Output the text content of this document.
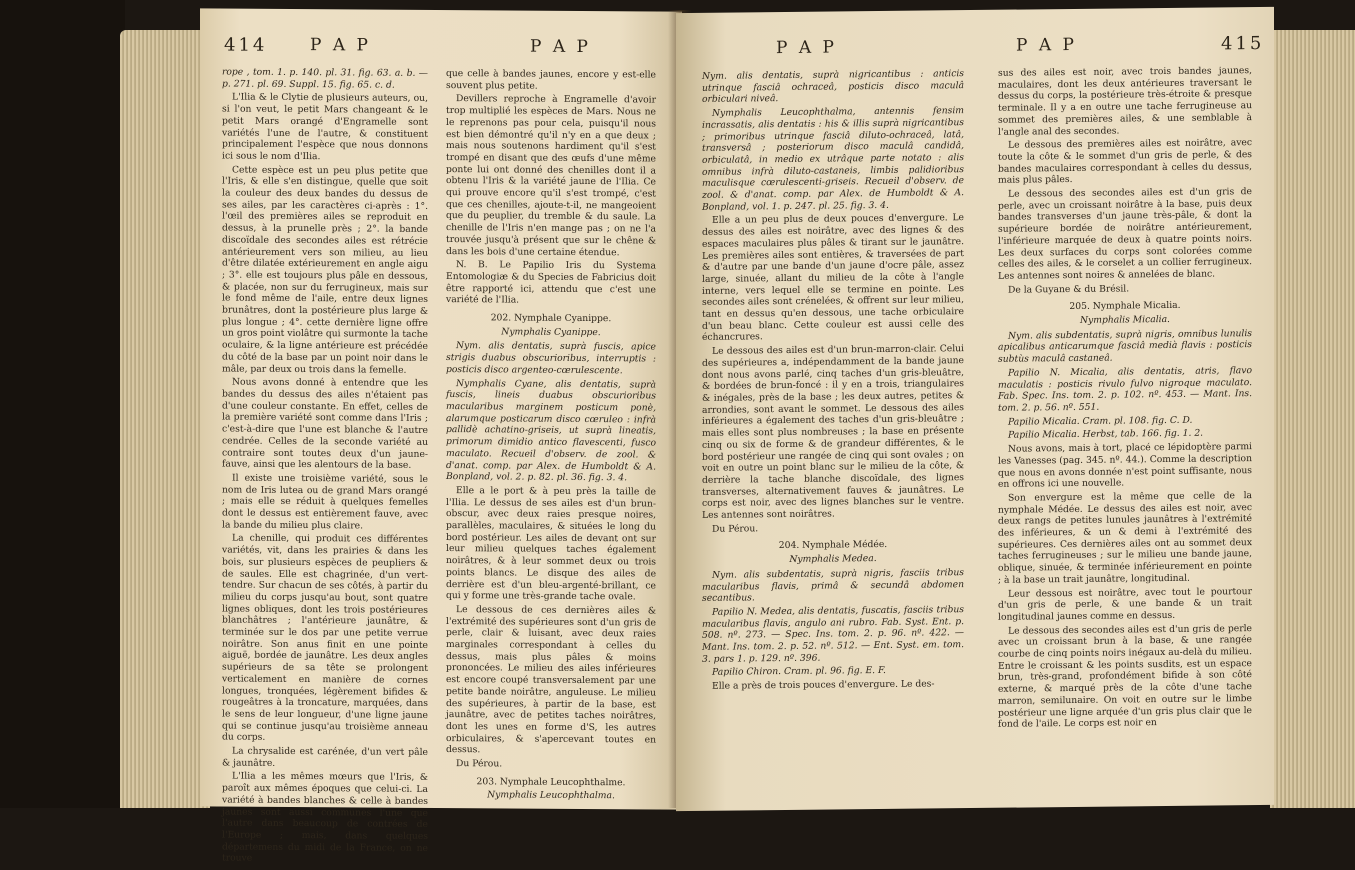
414	P A P	P A P

rope , tom. 1. p. 140. pl. 31. fig. 63. a. b. — p. 271. pl. 69. Suppl. 15. fig. 65. c. d.

L'Ilia & le Clytie de plusieurs auteurs, ou, si l'on veut, le petit Mars changeant & le petit Mars orangé d'Engramelle sont variétés l'une de l'autre, & constituent principalement l'espèce que nous donnons ici sous le nom d'Ilia.

Cette espèce est un peu plus petite que l'Iris, & elle s'en distingue, quelle que soit la couleur des deux bandes du dessus de ses ailes, par les caractères ci-après : 1°. l'œil des premières ailes se reproduit en dessus, à la prunelle près ; 2°. la bande discoïdale des secondes ailes est rétrécie antérieurement vers son milieu, au lieu d'être dilatée extérieurement en angle aigu ; 3°. elle est toujours plus pâle en dessous, & placée, non sur du ferrugineux, mais sur le fond même de l'aile, entre deux lignes brunâtres, dont la postérieure plus large & plus longue ; 4°. cette dernière ligne offre un gros point violâtre qui surmonte la tache oculaire, & la ligne antérieure est précédée du côté de la base par un point noir dans le mâle, par deux ou trois dans la femelle.

Nous avons donné à entendre que les bandes du dessus des ailes n'étaient pas d'une couleur constante. En effet, celles de la première variété sont comme dans l'Iris ; c'est-à-dire que l'une est blanche & l'autre cendrée. Celles de la seconde variété au contraire sont toutes deux d'un jaune-fauve, ainsi que les alentours de la base.

Il existe une troisième variété, sous le nom de Iris lutea ou de grand Mars orangé ; mais elle se réduit à quelques femelles dont le dessus est entièrement fauve, avec la bande du milieu plus claire.

La chenille, qui produit ces différentes variétés, vit, dans les prairies & dans les bois, sur plusieurs espèces de peupliers & de saules. Elle est chagrinée, d'un vert-tendre. Sur chacun de ses côtés, à partir du milieu du corps jusqu'au bout, sont quatre lignes obliques, dont les trois postérieures blanchâtres ; l'antérieure jaunâtre, & terminée sur le dos par une petite verrue noirâtre. Son anus finit en une pointe aiguë, bordée de jaunâtre. Les deux angles supérieurs de sa tête se prolongent verticalement en manière de cornes longues, tronquées, légèrement bifides & rougeâtres à la troncature, marquées, dans le sens de leur longueur, d'une ligne jaune qui se continue jusqu'au troisième anneau du corps.

La chrysalide est carénée, d'un vert pâle & jaunâtre.

L'Ilia a les mêmes mœurs que l'Iris, & paroît aux mêmes époques que celui-ci. La variété à bandes blanches & celle à bandes jaunes sont aussi communes l'une que l'autre dans beaucoup de contrées de l'Europe ; mais, dans quelques départemens du midi de la France, on ne trouve

que celle à bandes jaunes, encore y est-elle souvent plus petite.

Devillers reproche à Engramelle d'avoir trop multiplié les espèces de Mars. Nous ne le reprenons pas pour cela, puisqu'il nous est bien démontré qu'il n'y en a que deux ; mais nous soutenons hardiment qu'il s'est trompé en disant que des œufs d'une même ponte lui ont donné des chenilles dont il a obtenu l'Iris & la variété jaune de l'Ilia. Ce qui prouve encore qu'il s'est trompé, c'est que ces chenilles, ajoute-t-il, ne mangeoient que du peuplier, du tremble & du saule. La chenille de l'Iris n'en mange pas ; on ne l'a trouvée jusqu'à présent que sur le chêne & dans les bois d'une certaine étendue.

N. B. Le Papilio Iris du Systema Entomologiæ & du Species de Fabricius doit être rapporté ici, attendu que c'est une variété de l'Ilia.

202. Nymphale Cyanippe.

Nymphalis Cyanippe.

Nym. alis dentatis, suprà fuscis, apice strigis duabus obscurioribus, interruptis : posticis disco argenteo-cœrulescente.

Nymphalis Cyane, alis dentatis, suprà fuscis, lineis duabus obscurioribus macularibus marginem posticum ponè, alarumque posticarum disco cœruleo : infrà pallidè achatino-griseis, ut suprà lineatis, primorum dimidio antico flavescenti, fusco maculato. Recueil d'observ. de zool. & d'anat. comp. par Alex. de Humboldt & A. Bonpland, vol. 2. p. 82. pl. 36. fig. 3. 4.

Elle a le port & à peu près la taille de l'Ilia. Le dessus de ses ailes est d'un brun-obscur, avec deux raies presque noires, parallèles, maculaires, & situées le long du bord postérieur. Les ailes de devant ont sur leur milieu quelques taches également noirâtres, & à leur sommet deux ou trois points blancs. Le disque des ailes de derrière est d'un bleu-argenté-brillant, ce qui y forme une très-grande tache ovale.

Le dessous de ces dernières ailes & l'extrémité des supérieures sont d'un gris de perle, clair & luisant, avec deux raies marginales correspondant à celles du dessus, mais plus pâles & moins prononcées. Le milieu des ailes inférieures est encore coupé transversalement par une petite bande noirâtre, anguleuse. Le milieu des supérieures, à partir de la base, est jaunâtre, avec de petites taches noirâtres, dont les unes en forme d'S, les autres orbiculaires, & s'apercevant toutes en dessus.

Du Pérou.

203. Nymphale Leucophthalme.

Nymphalis Leucophthalma.

P A P	P A P	415

Nym. alis dentatis, suprà nigricantibus : anticis utrinque fasciâ ochraceâ, posticis disco maculâ orbiculari niveâ.

Nymphalis Leucophthalma, antennis fensim incrassatis, alis dentatis : his & illis suprà nigricantibus ; primoribus utrinque fasciâ diluto-ochraceâ, latâ, transversâ ; posteriorum disco maculâ candidâ, orbiculatâ, in medio ex utrâque parte notato : alis omnibus infrà diluto-castaneis, limbis palidioribus maculisque cœrulescenti-griseis. Recueil d'observ. de zool. & d'anat. comp. par Alex. de Humboldt & A. Bonpland, vol. 1. p. 247. pl. 25. fig. 3. 4.

Elle a un peu plus de deux pouces d'envergure. Le dessus des ailes est noirâtre, avec des lignes & des espaces maculaires plus pâles & tirant sur le jaunâtre. Les premières ailes sont entières, & traversées de part & d'autre par une bande d'un jaune d'ocre pâle, assez large, sinuée, allant du milieu de la côte à l'angle interne, vers lequel elle se termine en pointe. Les secondes ailes sont crénelées, & offrent sur leur milieu, tant en dessus qu'en dessous, une tache orbiculaire d'un beau blanc. Cette couleur est aussi celle des échancrures.

Le dessous des ailes est d'un brun-marron-clair. Celui des supérieures a, indépendamment de la bande jaune dont nous avons parlé, cinq taches d'un gris-bleuâtre, & bordées de brun-foncé : il y en a trois, triangulaires & inégales, près de la base ; les deux autres, petites & arrondies, sont avant le sommet. Le dessous des ailes inférieures a également des taches d'un gris-bleuâtre ; mais elles sont plus nombreuses ; la base en présente cinq ou six de forme & de grandeur différentes, & le bord postérieur une rangée de cinq qui sont ovales ; on voit en outre un point blanc sur le milieu de la côte, & derrière la tache blanche discoïdale, des lignes transverses, alternativement fauves & jaunâtres. Le corps est noir, avec des lignes blanches sur le ventre. Les antennes sont noirâtres.

Du Pérou.

204. Nymphale Médée.

Nymphalis Medea.

Nym. alis subdentatis, suprà nigris, fasciis tribus macularibus flavis, primâ & secundâ abdomen secantibus.

Papilio N. Medea, alis dentatis, fuscatis, fasciis tribus macularibus flavis, angulo ani rubro. Fab. Syst. Ent. p. 508. nº. 273. — Spec. Ins. tom. 2. p. 96. nº. 422. — Mant. Ins. tom. 2. p. 52. nº. 512. — Ent. Syst. em. tom. 3. pars 1. p. 129. nº. 396.

Papilio Chiron. Cram. pl. 96. fig. E. F.

Elle a près de trois pouces d'envergure. Le des-

sus des ailes est noir, avec trois bandes jaunes, maculaires, dont les deux antérieures traversant le dessus du corps, la postérieure très-étroite & presque terminale. Il y a en outre une tache ferrugineuse au sommet des premières ailes, & une semblable à l'angle anal des secondes.

Le dessous des premières ailes est noirâtre, avec toute la côte & le sommet d'un gris de perle, & des bandes maculaires correspondant à celles du dessus, mais plus pâles.

Le dessous des secondes ailes est d'un gris de perle, avec un croissant noirâtre à la base, puis deux bandes transverses d'un jaune très-pâle, & dont la supérieure bordée de noirâtre antérieurement, l'inférieure marquée de deux à quatre points noirs. Les deux surfaces du corps sont colorées comme celles des ailes, & le corselet a un collier ferrugineux. Les antennes sont noires & annelées de blanc.

De la Guyane & du Brésil.

205. Nymphale Micalia.

Nymphalis Micalia.

Nym. alis subdentatis, suprà nigris, omnibus lunulis apicalibus anticarumque fasciâ medià flavis : posticis subtùs maculâ castaneâ.

Papilio N. Micalia, alis dentatis, atris, flavo maculatis : posticis rivulo fulvo nigroque maculato. Fab. Spec. Ins. tom. 2. p. 102. nº. 453. — Mant. Ins. tom. 2. p. 56. nº. 551.

Papilio Micalia. Cram. pl. 108. fig. C. D.

Papilio Micalia. Herbst, tab. 166. fig. 1. 2.

Nous avons, mais à tort, placé ce lépidoptère parmi les Vanesses (pag. 345. nº. 44.). Comme la description que nous en avons donnée n'est point suffisante, nous en offrons ici une nouvelle.

Son envergure est la même que celle de la nymphale Médée. Le dessus des ailes est noir, avec deux rangs de petites lunules jaunâtres à l'extrémité des inférieures, & un & demi à l'extrémité des supérieures. Ces dernières ailes ont au sommet deux taches ferrugineuses ; sur le milieu une bande jaune, oblique, sinuée, & terminée inférieurement en pointe ; à la base un trait jaunâtre, longitudinal.

Leur dessous est noirâtre, avec tout le pourtour d'un gris de perle, & une bande & un trait longitudinal jaunes comme en dessus.

Le dessous des secondes ailes est d'un gris de perle avec un croissant brun à la base, & une rangée courbe de cinq points noirs inégaux au-delà du milieu. Entre le croissant & les points susdits, est un espace brun, très-grand, profondément bifide à son côté externe, & marqué près de la côte d'une tache marron, semilunaire. On voit en outre sur le limbe postérieur une ligne arquée d'un gris plus clair que le fond de l'aile. Le corps est noir en
